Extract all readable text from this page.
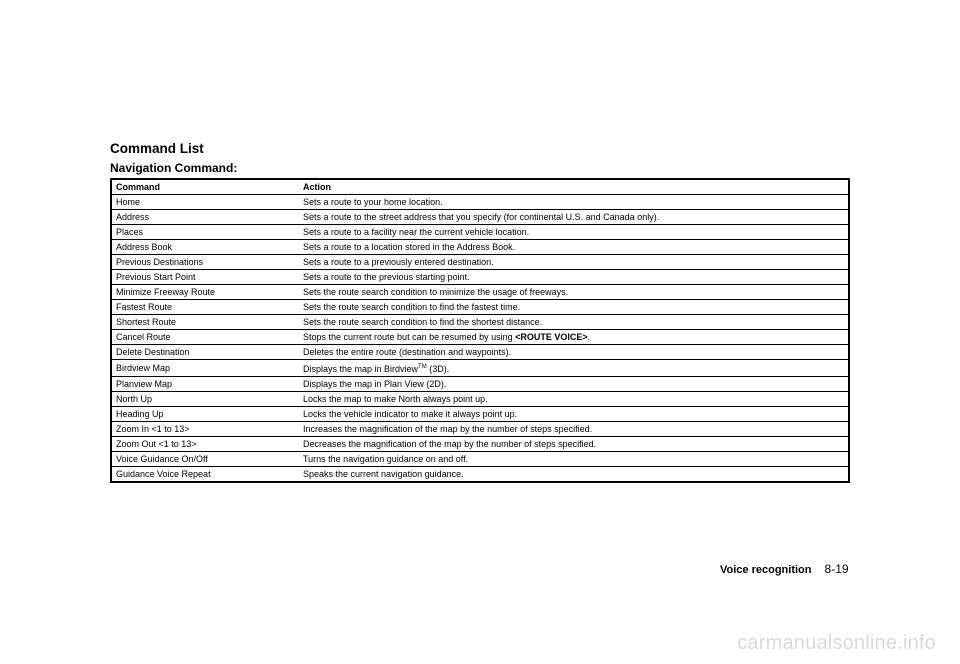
Command List
Navigation Command:
Command	Action
Home	Sets a route to your home location.
Address	Sets a route to the street address that you specify (for continental U.S. and Canada only).
Places	Sets a route to a facility near the current vehicle location.
Address Book	Sets a route to a location stored in the Address Book.
Previous Destinations	Sets a route to a previously entered destination.
Previous Start Point	Sets a route to the previous starting point.
Minimize Freeway Route	Sets the route search condition to minimize the usage of freeways.
Fastest Route	Sets the route search condition to find the fastest time.
Shortest Route	Sets the route search condition to find the shortest distance.
Cancel Route	Stops the current route but can be resumed by using <ROUTE VOICE>.
Delete Destination	Deletes the entire route (destination and waypoints).
Birdview Map	Displays the map in Birdview™ (3D).
Planview Map	Displays the map in Plan View (2D).
North Up	Locks the map to make North always point up.
Heading Up	Locks the vehicle indicator to make it always point up.
Zoom In <1 to 13>	Increases the magnification of the map by the number of steps specified.
Zoom Out <1 to 13>	Decreases the magnification of the map by the number of steps specified.
Voice Guidance On/Off	Turns the navigation guidance on and off.
Guidance Voice Repeat	Speaks the current navigation guidance.
Voice recognition 8-19
carmanualsonline.info
